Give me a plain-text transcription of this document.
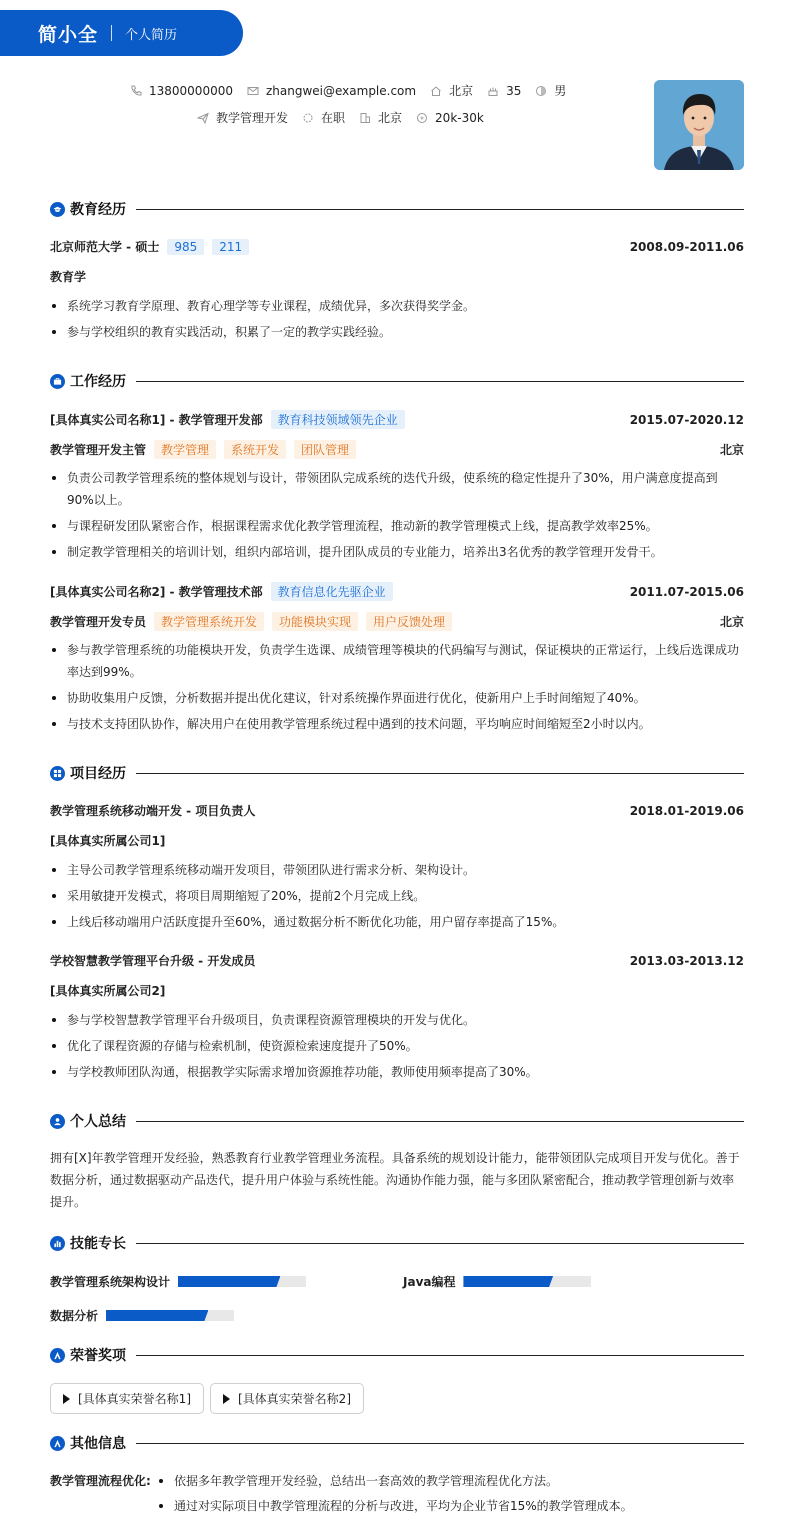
简小全 个人简历
13800000000	zhangwei@example.com	北京	35	男
教学管理开发	在职	北京	20k-30k
教育经历
北京师范大学 - 硕士	985	211	2008.09-2011.06
教育学
系统学习教育学原理、教育心理学等专业课程，成绩优异，多次获得奖学金。
参与学校组织的教育实践活动，积累了一定的教学实践经验。
工作经历
[具体真实公司名称1] - 教学管理开发部	教育科技领域领先企业	2015.07-2020.12
教学管理开发主管	教学管理	系统开发	团队管理	北京
负责公司教学管理系统的整体规划与设计，带领团队完成系统的迭代升级，使系统的稳定性提升了30%，用户满意度提高到90%以上。
与课程研发团队紧密合作，根据课程需求优化教学管理流程，推动新的教学管理模式上线，提高教学效率25%。
制定教学管理相关的培训计划，组织内部培训，提升团队成员的专业能力，培养出3名优秀的教学管理开发骨干。
[具体真实公司名称2] - 教学管理技术部	教育信息化先驱企业	2011.07-2015.06
教学管理开发专员	教学管理系统开发	功能模块实现	用户反馈处理	北京
参与教学管理系统的功能模块开发，负责学生选课、成绩管理等模块的代码编写与测试，保证模块的正常运行，上线后选课成功率达到99%。
协助收集用户反馈，分析数据并提出优化建议，针对系统操作界面进行优化，使新用户上手时间缩短了40%。
与技术支持团队协作，解决用户在使用教学管理系统过程中遇到的技术问题，平均响应时间缩短至2小时以内。
项目经历
教学管理系统移动端开发 - 项目负责人	2018.01-2019.06
[具体真实所属公司1]
主导公司教学管理系统移动端开发项目，带领团队进行需求分析、架构设计。
采用敏捷开发模式，将项目周期缩短了20%，提前2个月完成上线。
上线后移动端用户活跃度提升至60%，通过数据分析不断优化功能，用户留存率提高了15%。
学校智慧教学管理平台升级 - 开发成员	2013.03-2013.12
[具体真实所属公司2]
参与学校智慧教学管理平台升级项目，负责课程资源管理模块的开发与优化。
优化了课程资源的存储与检索机制，使资源检索速度提升了50%。
与学校教师团队沟通，根据教学实际需求增加资源推荐功能，教师使用频率提高了30%。
个人总结
拥有[X]年教学管理开发经验，熟悉教育行业教学管理业务流程。具备系统的规划设计能力，能带领团队完成项目开发与优化。善于数据分析，通过数据驱动产品迭代，提升用户体验与系统性能。沟通协作能力强，能与多团队紧密配合，推动教学管理创新与效率提升。
技能专长
教学管理系统架构设计	Java编程
数据分析
荣誉奖项
[具体真实荣誉名称1]	[具体真实荣誉名称2]
其他信息
教学管理流程优化:	依据多年教学管理开发经验，总结出一套高效的教学管理流程优化方法。
通过对实际项目中教学管理流程的分析与改进，平均为企业节省15%的教学管理成本。
